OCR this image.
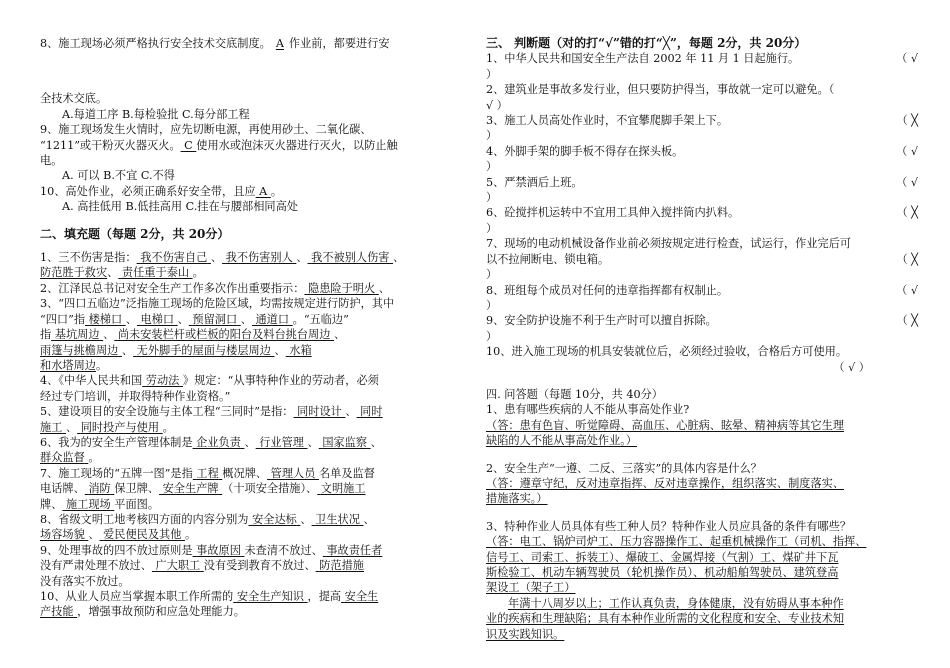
8、施工现场必须严格执行安全技术交底制度。A作业前，都要进行安

全技术交底。

A.每道工序 B.每检验批 C.每分部工程

9、施工现场发生火情时，应先切断电源，再使用砂土、二氧化碳、

“1211”或干粉灭火器灭火。 C 使用水或泡沫灭火器进行灭火，以防止触

电。

A. 可以 B.不宜 C.不得

10、高处作业，必须正确系好安全带，且应 A 。

A. 高挂低用 B.低挂高用 C.挂在与腰部相同高处

二、填充题（每题 2分，共 20分）

1、三不伤害是指： 我不伤害自己 、 我不伤害别人 、 我不被别人伤害 、

防范胜于救灾、 责任重于泰山 。

2、江泽民总书记对安全生产工作多次作出重要指示： 隐患险于明火 、

3、“四口五临边”泛指施工现场的危险区域，均需按规定进行防护，其中

“四口”指 楼梯口 、 电梯口 、 预留洞口 、 通道口 。“五临边”

指 基坑周边 、 尚未安装栏杆或栏板的阳台及料台挑台周边 、

雨篷与挑檐周边 、 无外脚手的屋面与楼层周边 、 水箱

和水塔周边。

4、《中华人民共和国 劳动法 》规定：“从事特种作业的劳动者，必须

经过专门培训，并取得特种作业资格。”

5、建设项目的安全设施与主体工程“三同时”是指： 同时设计 、 同时

施工 、 同时投产与使用 。

6、我为的安全生产管理体制是 企业负责 、 行业管理 、 国家监察 、

群众监督 。

7、施工现场的“五牌一图”是指 工程 概况牌、 管理人员 名单及监督

电话牌、 消防 保卫牌、 安全生产牌 （十项安全措施）、 文明施工

牌、 施工现场 平面图。

8、省级文明工地考核四方面的内容分别为 安全达标 、 卫生状况 、

场容场貌 、 爱民便民及其他 。

9、处理事故的四不放过原则是 事故原因 未查清不放过、 事故责任者

没有严肃处理不放过、 广大职工 没有受到教育不放过、 防范措施

没有落实不放过。

10、从业人员应当掌握本职工作所需的 安全生产知识 ，提高 安全生

产技能 ，增强事故预防和应急处理能力。

三、 判断题（对的打“√”错的打“╳”，每题 2分，共 20分）

1、中华人民共和国安全生产法自 2002 年 11 月 1 日起施行。	（ √

）

2、建筑业是事故多发行业，但只要防护得当，事故就一定可以避免。（

√ ）

3、施工人员高处作业时，不宜攀爬脚手架上下。	（ ╳

）

4、外脚手架的脚手板不得存在探头板。	（ √

）

5、严禁酒后上班。	（ √

）

6、砼搅拌机运转中不宜用工具伸入搅拌筒内扒料。	（ ╳

）

7、现场的电动机械设备作业前必须按规定进行检查，试运行，作业完后可

以不拉闸断电、锁电箱。	（ ╳

）

8、班组每个成员对任何的违章指挥都有权制止。	（ √

）

9、安全防护设施不利于生产时可以擅自拆除。	（ ╳

）

10、进入施工现场的机具安装就位后，必须经过验收，合格后方可使用。

（ √ ）

四. 问答题（每题 10分，共 40分）

1、患有哪些疾病的人不能从事高处作业?

（答：患有色盲、听觉障碍、高血压、心脏病、眩晕、精神病等其它生理

缺陷的人不能从事高处作业。）

2、安全生产“一遵、二反、三落实”的具体内容是什么？

（答：遵章守纪，反对违章指挥、反对违章操作，组织落实、制度落实、

措施落实。）

3、特种作业人员具体有些工种人员？特种作业人员应具备的条件有哪些？

（答：电工、锅炉司炉工、压力容器操作工、起重机械操作工（司机、指挥、

信号工、司索工、拆装工）、爆破工、金属焊接（气割）工、煤矿井下瓦

斯检验工、机动车辆驾驶员（轮机操作员）、机动船舶驾驶员、建筑登高

架设工（架子工）

年满十八周岁以上；工作认真负责，身体健康，没有妨碍从事本种作

业的疾病和生理缺陷；具有本种作业所需的文化程度和安全、专业技术知

识及实践知识。
